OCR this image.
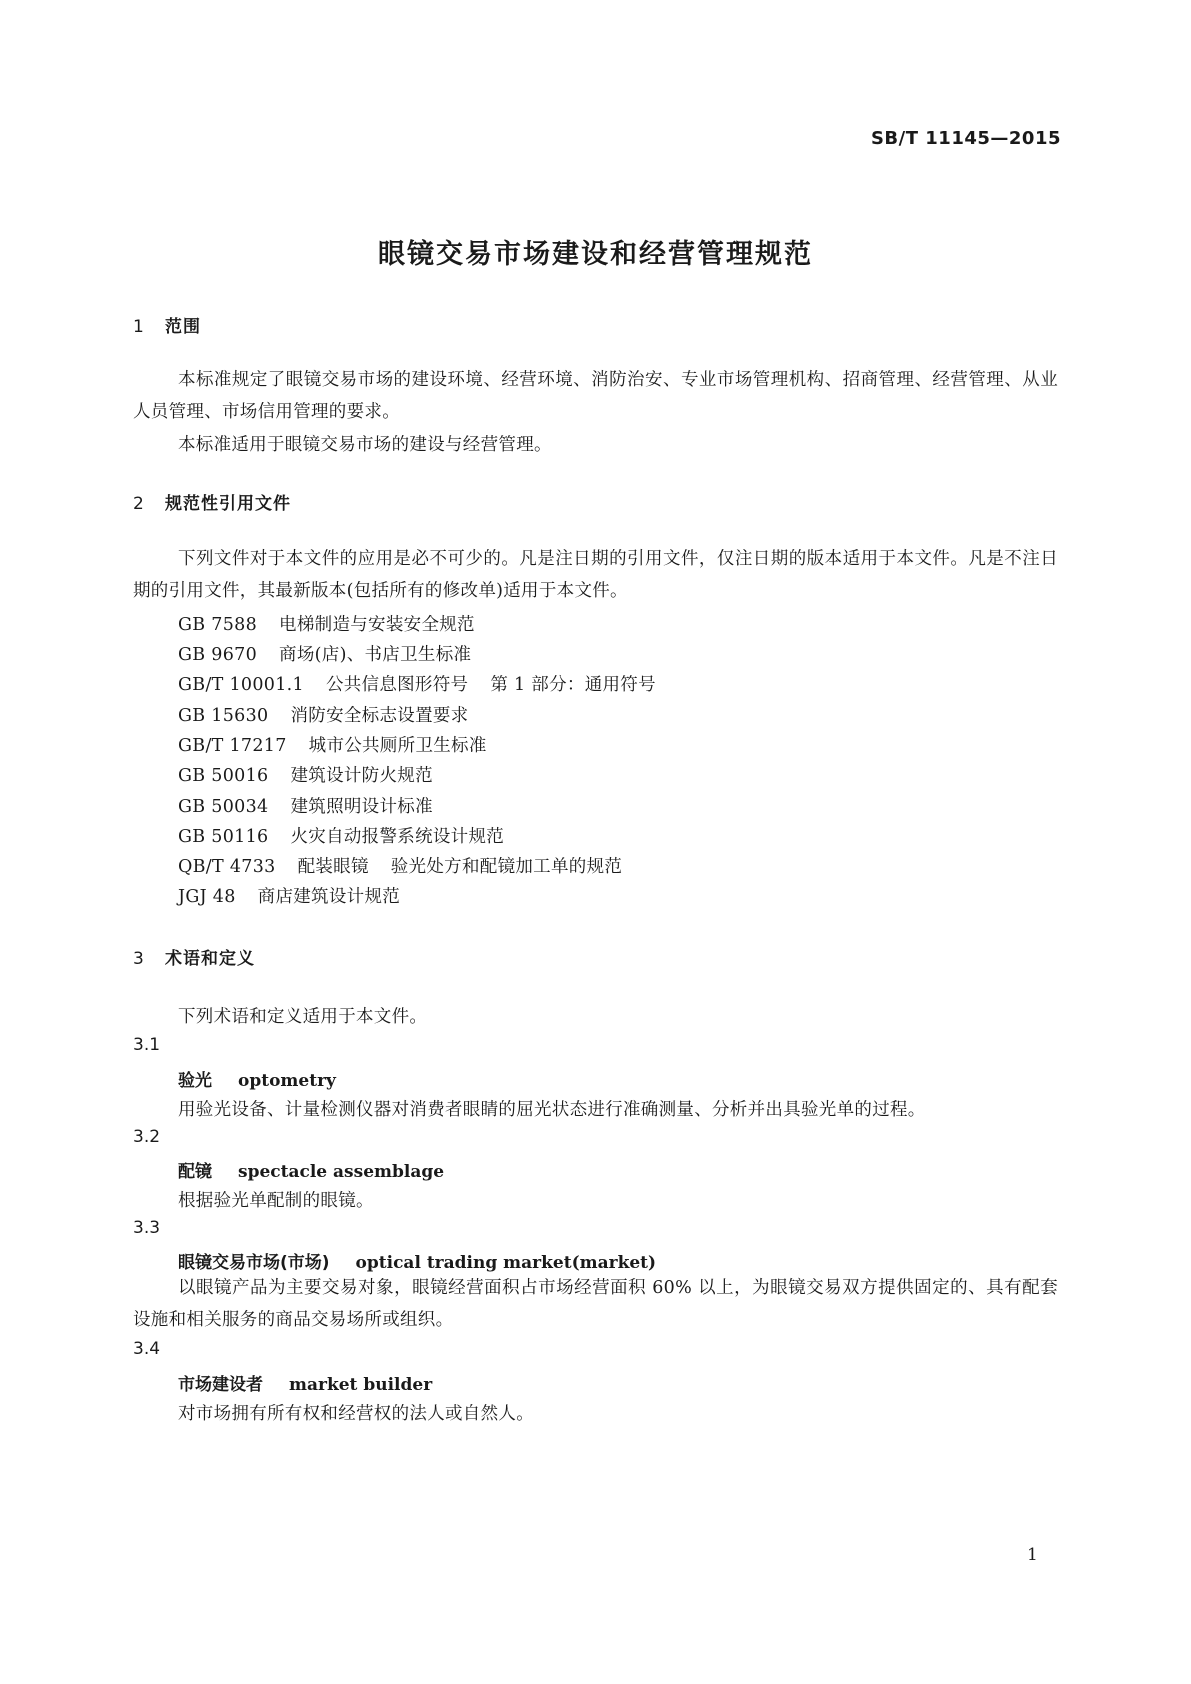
SB/T 11145—2015
眼镜交易市场建设和经营管理规范
1 范围
本标准规定了眼镜交易市场的建设环境、经营环境、消防治安、专业市场管理机构、招商管理、经营管理、从业人员管理、市场信用管理的要求。
本标准适用于眼镜交易市场的建设与经营管理。
2 规范性引用文件
下列文件对于本文件的应用是必不可少的。凡是注日期的引用文件，仅注日期的版本适用于本文件。凡是不注日期的引用文件，其最新版本(包括所有的修改单)适用于本文件。
GB 7588 电梯制造与安装安全规范
GB 9670 商场(店)、书店卫生标准
GB/T 10001.1 公共信息图形符号 第 1 部分：通用符号
GB 15630 消防安全标志设置要求
GB/T 17217 城市公共厕所卫生标准
GB 50016 建筑设计防火规范
GB 50034 建筑照明设计标准
GB 50116 火灾自动报警系统设计规范
QB/T 4733 配装眼镜 验光处方和配镜加工单的规范
JGJ 48 商店建筑设计规范
3 术语和定义
下列术语和定义适用于本文件。
3.1
验光 optometry
用验光设备、计量检测仪器对消费者眼睛的屈光状态进行准确测量、分析并出具验光单的过程。
3.2
配镜 spectacle assemblage
根据验光单配制的眼镜。
3.3
眼镜交易市场(市场) optical trading market(market)
以眼镜产品为主要交易对象，眼镜经营面积占市场经营面积 60% 以上，为眼镜交易双方提供固定的、具有配套设施和相关服务的商品交易场所或组织。
3.4
市场建设者 market builder
对市场拥有所有权和经营权的法人或自然人。
1
